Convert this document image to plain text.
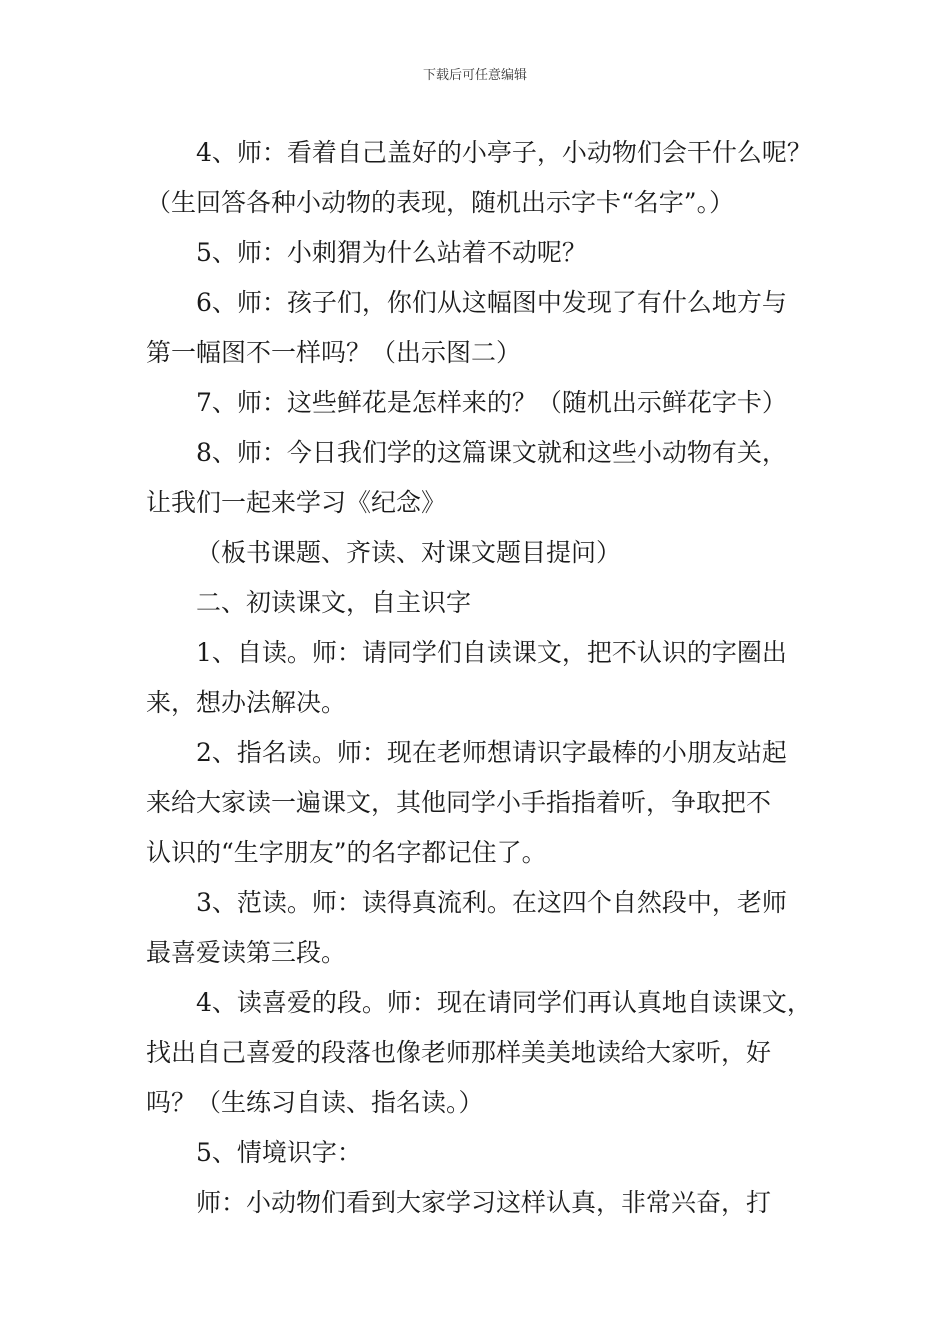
下载后可任意编辑
4、师：看着自己盖好的小亭子，小动物们会干什么呢？
（生回答各种小动物的表现，随机出示字卡“名字”。）
5、师：小刺猬为什么站着不动呢？
6、师：孩子们，你们从这幅图中发现了有什么地方与
第一幅图不一样吗？（出示图二）
7、师：这些鲜花是怎样来的？（随机出示鲜花字卡）
8、师：今日我们学的这篇课文就和这些小动物有关，
让我们一起来学习《纪念》
（板书课题、齐读、对课文题目提问）
二、初读课文，自主识字
1、自读。师：请同学们自读课文，把不认识的字圈出
来，想办法解决。
2、指名读。师：现在老师想请识字最棒的小朋友站起
来给大家读一遍课文，其他同学小手指指着听，争取把不
认识的“生字朋友”的名字都记住了。
3、范读。师：读得真流利。在这四个自然段中，老师
最喜爱读第三段。
4、读喜爱的段。师：现在请同学们再认真地自读课文，
找出自己喜爱的段落也像老师那样美美地读给大家听，好
吗？（生练习自读、指名读。）
5、情境识字：
师：小动物们看到大家学习这样认真，非常兴奋，打
